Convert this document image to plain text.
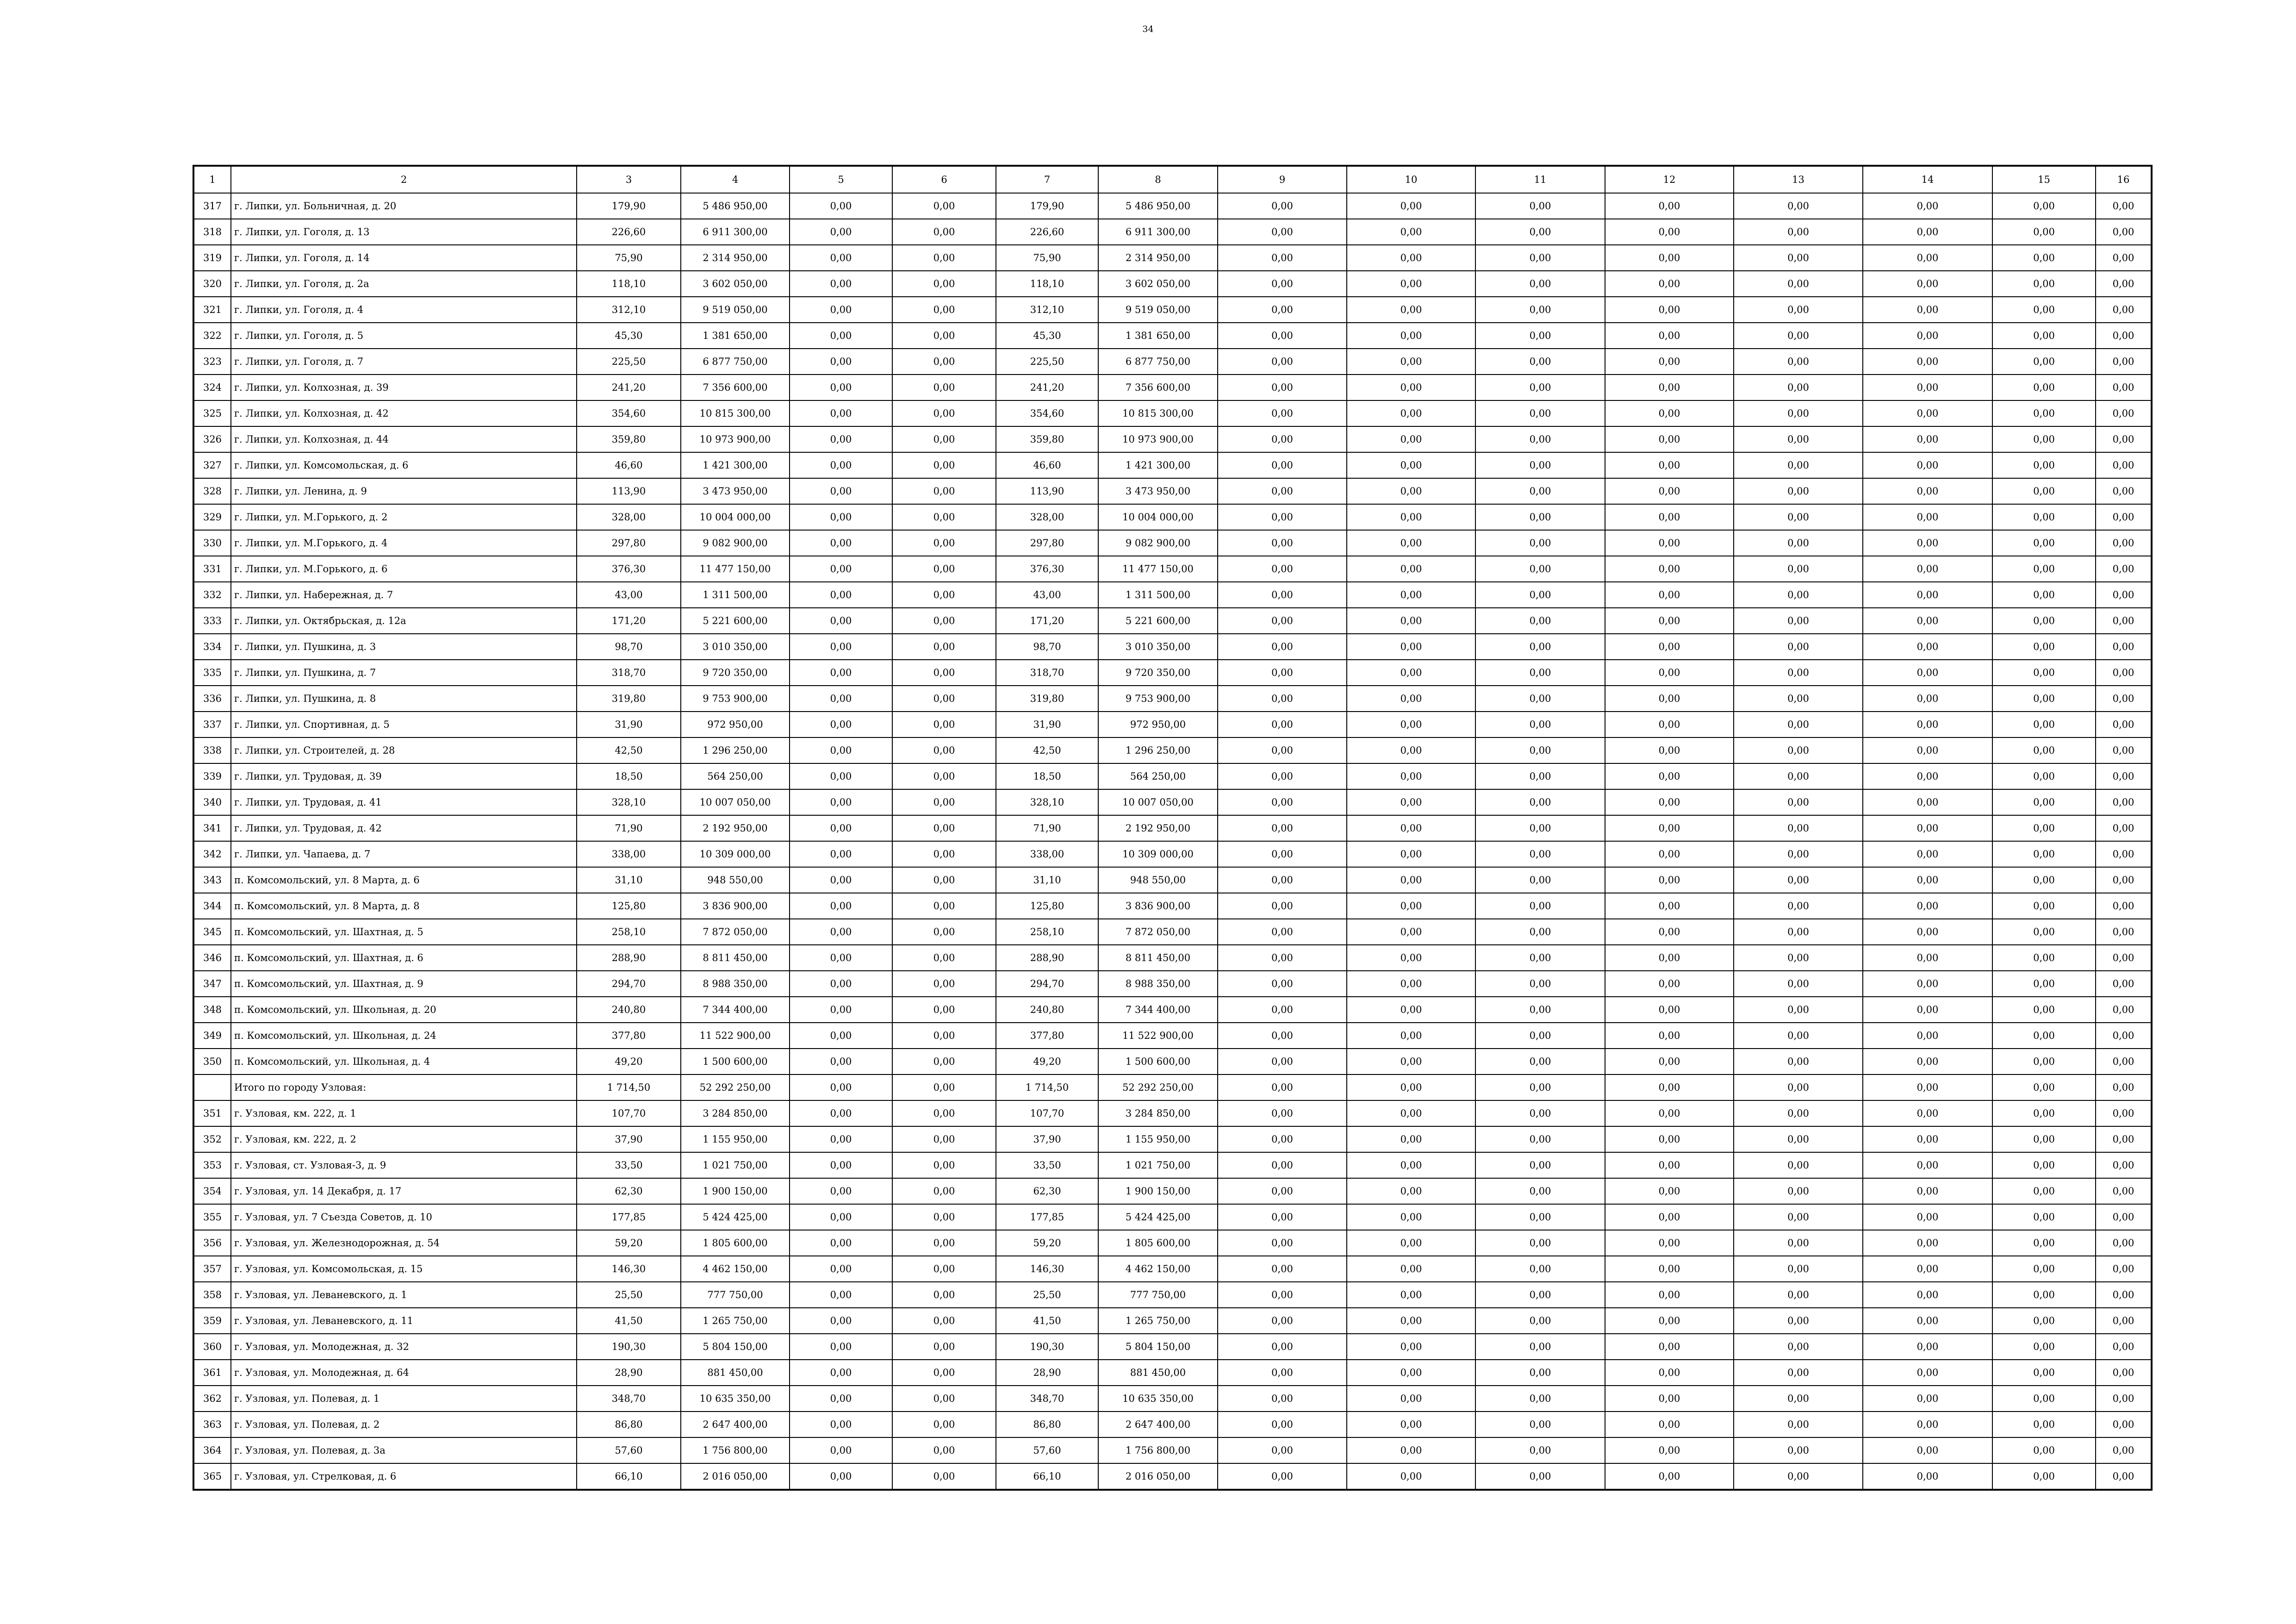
34
1	2	3	4	5	6	7	8	9	10	11	12	13	14	15	16
317	г. Липки, ул. Больничная, д. 20	179,90	5 486 950,00	0,00	0,00	179,90	5 486 950,00	0,00	0,00	0,00	0,00	0,00	0,00	0,00	0,00
318	г. Липки, ул. Гоголя, д. 13	226,60	6 911 300,00	0,00	0,00	226,60	6 911 300,00	0,00	0,00	0,00	0,00	0,00	0,00	0,00	0,00
319	г. Липки, ул. Гоголя, д. 14	75,90	2 314 950,00	0,00	0,00	75,90	2 314 950,00	0,00	0,00	0,00	0,00	0,00	0,00	0,00	0,00
320	г. Липки, ул. Гоголя, д. 2а	118,10	3 602 050,00	0,00	0,00	118,10	3 602 050,00	0,00	0,00	0,00	0,00	0,00	0,00	0,00	0,00
321	г. Липки, ул. Гоголя, д. 4	312,10	9 519 050,00	0,00	0,00	312,10	9 519 050,00	0,00	0,00	0,00	0,00	0,00	0,00	0,00	0,00
322	г. Липки, ул. Гоголя, д. 5	45,30	1 381 650,00	0,00	0,00	45,30	1 381 650,00	0,00	0,00	0,00	0,00	0,00	0,00	0,00	0,00
323	г. Липки, ул. Гоголя, д. 7	225,50	6 877 750,00	0,00	0,00	225,50	6 877 750,00	0,00	0,00	0,00	0,00	0,00	0,00	0,00	0,00
324	г. Липки, ул. Колхозная, д. 39	241,20	7 356 600,00	0,00	0,00	241,20	7 356 600,00	0,00	0,00	0,00	0,00	0,00	0,00	0,00	0,00
325	г. Липки, ул. Колхозная, д. 42	354,60	10 815 300,00	0,00	0,00	354,60	10 815 300,00	0,00	0,00	0,00	0,00	0,00	0,00	0,00	0,00
326	г. Липки, ул. Колхозная, д. 44	359,80	10 973 900,00	0,00	0,00	359,80	10 973 900,00	0,00	0,00	0,00	0,00	0,00	0,00	0,00	0,00
327	г. Липки, ул. Комсомольская, д. 6	46,60	1 421 300,00	0,00	0,00	46,60	1 421 300,00	0,00	0,00	0,00	0,00	0,00	0,00	0,00	0,00
328	г. Липки, ул. Ленина, д. 9	113,90	3 473 950,00	0,00	0,00	113,90	3 473 950,00	0,00	0,00	0,00	0,00	0,00	0,00	0,00	0,00
329	г. Липки, ул. М.Горького, д. 2	328,00	10 004 000,00	0,00	0,00	328,00	10 004 000,00	0,00	0,00	0,00	0,00	0,00	0,00	0,00	0,00
330	г. Липки, ул. М.Горького, д. 4	297,80	9 082 900,00	0,00	0,00	297,80	9 082 900,00	0,00	0,00	0,00	0,00	0,00	0,00	0,00	0,00
331	г. Липки, ул. М.Горького, д. 6	376,30	11 477 150,00	0,00	0,00	376,30	11 477 150,00	0,00	0,00	0,00	0,00	0,00	0,00	0,00	0,00
332	г. Липки, ул. Набережная, д. 7	43,00	1 311 500,00	0,00	0,00	43,00	1 311 500,00	0,00	0,00	0,00	0,00	0,00	0,00	0,00	0,00
333	г. Липки, ул. Октябрьская, д. 12а	171,20	5 221 600,00	0,00	0,00	171,20	5 221 600,00	0,00	0,00	0,00	0,00	0,00	0,00	0,00	0,00
334	г. Липки, ул. Пушкина, д. 3	98,70	3 010 350,00	0,00	0,00	98,70	3 010 350,00	0,00	0,00	0,00	0,00	0,00	0,00	0,00	0,00
335	г. Липки, ул. Пушкина, д. 7	318,70	9 720 350,00	0,00	0,00	318,70	9 720 350,00	0,00	0,00	0,00	0,00	0,00	0,00	0,00	0,00
336	г. Липки, ул. Пушкина, д. 8	319,80	9 753 900,00	0,00	0,00	319,80	9 753 900,00	0,00	0,00	0,00	0,00	0,00	0,00	0,00	0,00
337	г. Липки, ул. Спортивная, д. 5	31,90	972 950,00	0,00	0,00	31,90	972 950,00	0,00	0,00	0,00	0,00	0,00	0,00	0,00	0,00
338	г. Липки, ул. Строителей, д. 28	42,50	1 296 250,00	0,00	0,00	42,50	1 296 250,00	0,00	0,00	0,00	0,00	0,00	0,00	0,00	0,00
339	г. Липки, ул. Трудовая, д. 39	18,50	564 250,00	0,00	0,00	18,50	564 250,00	0,00	0,00	0,00	0,00	0,00	0,00	0,00	0,00
340	г. Липки, ул. Трудовая, д. 41	328,10	10 007 050,00	0,00	0,00	328,10	10 007 050,00	0,00	0,00	0,00	0,00	0,00	0,00	0,00	0,00
341	г. Липки, ул. Трудовая, д. 42	71,90	2 192 950,00	0,00	0,00	71,90	2 192 950,00	0,00	0,00	0,00	0,00	0,00	0,00	0,00	0,00
342	г. Липки, ул. Чапаева, д. 7	338,00	10 309 000,00	0,00	0,00	338,00	10 309 000,00	0,00	0,00	0,00	0,00	0,00	0,00	0,00	0,00
343	п. Комсомольский, ул. 8 Марта, д. 6	31,10	948 550,00	0,00	0,00	31,10	948 550,00	0,00	0,00	0,00	0,00	0,00	0,00	0,00	0,00
344	п. Комсомольский, ул. 8 Марта, д. 8	125,80	3 836 900,00	0,00	0,00	125,80	3 836 900,00	0,00	0,00	0,00	0,00	0,00	0,00	0,00	0,00
345	п. Комсомольский, ул. Шахтная, д. 5	258,10	7 872 050,00	0,00	0,00	258,10	7 872 050,00	0,00	0,00	0,00	0,00	0,00	0,00	0,00	0,00
346	п. Комсомольский, ул. Шахтная, д. 6	288,90	8 811 450,00	0,00	0,00	288,90	8 811 450,00	0,00	0,00	0,00	0,00	0,00	0,00	0,00	0,00
347	п. Комсомольский, ул. Шахтная, д. 9	294,70	8 988 350,00	0,00	0,00	294,70	8 988 350,00	0,00	0,00	0,00	0,00	0,00	0,00	0,00	0,00
348	п. Комсомольский, ул. Школьная, д. 20	240,80	7 344 400,00	0,00	0,00	240,80	7 344 400,00	0,00	0,00	0,00	0,00	0,00	0,00	0,00	0,00
349	п. Комсомольский, ул. Школьная, д. 24	377,80	11 522 900,00	0,00	0,00	377,80	11 522 900,00	0,00	0,00	0,00	0,00	0,00	0,00	0,00	0,00
350	п. Комсомольский, ул. Школьная, д. 4	49,20	1 500 600,00	0,00	0,00	49,20	1 500 600,00	0,00	0,00	0,00	0,00	0,00	0,00	0,00	0,00
	Итого по городу Узловая:	1 714,50	52 292 250,00	0,00	0,00	1 714,50	52 292 250,00	0,00	0,00	0,00	0,00	0,00	0,00	0,00	0,00
351	г. Узловая, км. 222, д. 1	107,70	3 284 850,00	0,00	0,00	107,70	3 284 850,00	0,00	0,00	0,00	0,00	0,00	0,00	0,00	0,00
352	г. Узловая, км. 222, д. 2	37,90	1 155 950,00	0,00	0,00	37,90	1 155 950,00	0,00	0,00	0,00	0,00	0,00	0,00	0,00	0,00
353	г. Узловая, ст. Узловая-3, д. 9	33,50	1 021 750,00	0,00	0,00	33,50	1 021 750,00	0,00	0,00	0,00	0,00	0,00	0,00	0,00	0,00
354	г. Узловая, ул. 14 Декабря, д. 17	62,30	1 900 150,00	0,00	0,00	62,30	1 900 150,00	0,00	0,00	0,00	0,00	0,00	0,00	0,00	0,00
355	г. Узловая, ул. 7 Съезда Советов, д. 10	177,85	5 424 425,00	0,00	0,00	177,85	5 424 425,00	0,00	0,00	0,00	0,00	0,00	0,00	0,00	0,00
356	г. Узловая, ул. Железнодорожная, д. 54	59,20	1 805 600,00	0,00	0,00	59,20	1 805 600,00	0,00	0,00	0,00	0,00	0,00	0,00	0,00	0,00
357	г. Узловая, ул. Комсомольская, д. 15	146,30	4 462 150,00	0,00	0,00	146,30	4 462 150,00	0,00	0,00	0,00	0,00	0,00	0,00	0,00	0,00
358	г. Узловая, ул. Леваневского, д. 1	25,50	777 750,00	0,00	0,00	25,50	777 750,00	0,00	0,00	0,00	0,00	0,00	0,00	0,00	0,00
359	г. Узловая, ул. Леваневского, д. 11	41,50	1 265 750,00	0,00	0,00	41,50	1 265 750,00	0,00	0,00	0,00	0,00	0,00	0,00	0,00	0,00
360	г. Узловая, ул. Молодежная, д. 32	190,30	5 804 150,00	0,00	0,00	190,30	5 804 150,00	0,00	0,00	0,00	0,00	0,00	0,00	0,00	0,00
361	г. Узловая, ул. Молодежная, д. 64	28,90	881 450,00	0,00	0,00	28,90	881 450,00	0,00	0,00	0,00	0,00	0,00	0,00	0,00	0,00
362	г. Узловая, ул. Полевая, д. 1	348,70	10 635 350,00	0,00	0,00	348,70	10 635 350,00	0,00	0,00	0,00	0,00	0,00	0,00	0,00	0,00
363	г. Узловая, ул. Полевая, д. 2	86,80	2 647 400,00	0,00	0,00	86,80	2 647 400,00	0,00	0,00	0,00	0,00	0,00	0,00	0,00	0,00
364	г. Узловая, ул. Полевая, д. 3а	57,60	1 756 800,00	0,00	0,00	57,60	1 756 800,00	0,00	0,00	0,00	0,00	0,00	0,00	0,00	0,00
365	г. Узловая, ул. Стрелковая, д. 6	66,10	2 016 050,00	0,00	0,00	66,10	2 016 050,00	0,00	0,00	0,00	0,00	0,00	0,00	0,00	0,00
